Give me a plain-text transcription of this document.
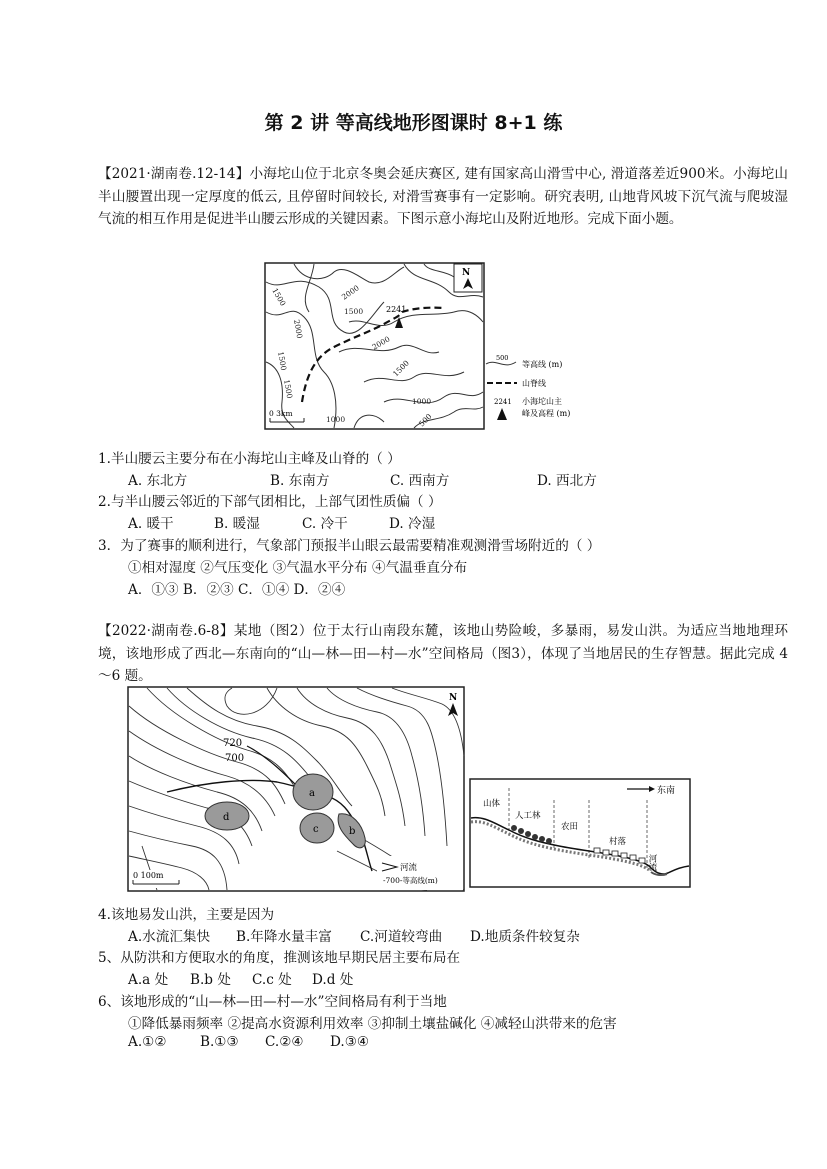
第 2 讲 等高线地形图课时 8+1 练
【2021·湖南卷.12-14】小海坨山位于北京冬奥会延庆赛区, 建有国家高山滑雪中心, 滑道落差近900米。小海坨山半山腰置出现一定厚度的低云, 且停留时间较长, 对滑雪赛事有一定影响。研究表明, 山地背风坡下沉气流与爬坡湿气流的相互作用是促进半山腰云形成的关键因素。下图示意小海坨山及附近地形。完成下面小题。
2241
1500	2000
1500
2000
1500
2000
1500
1500
1000
1000	500
N
0 3km
500
等高线 (m)
山脊线
2241 小海坨山主
峰及高程 (m)
1.半山腰云主要分布在小海坨山主峰及山脊的（ ）
A. 东北方	B. 东南方	C. 西南方	D. 西北方
2.与半山腰云邻近的下部气团相比，上部气团性质偏（ ）
A. 暖干	B. 暖湿	C. 冷干	D. 冷湿
3．为了赛事的顺利进行，气象部门预报半山眼云最需要精准观测滑雪场附近的（ ）
①相对湿度 ②气压变化 ③气温水平分布 ④气温垂直分布
A．①③ B．②③ C．①④ D．②④
【2022·湖南卷.6-8】某地（图2）位于太行山南段东麓，该地山势险峻，多暴雨，易发山洪。为适应当地地理环境，该地形成了西北—东南向的“山—林—田—村—水”空间格局（图3），体现了当地居民的生存智慧。据此完成 4～6 题。
a
b
c
d
720
700
N
0 100m
河流
-700-等高线(m)
东南
山体
人工林
农田
村落
河流
4.该地易发山洪，主要是因为
A.水流汇集快 B.年降水量丰富 C.河道较弯曲 D.地质条件较复杂
5、从防洪和方便取水的角度，推测该地早期民居主要布局在
A.a 处 B.b 处 C.c 处 D.d 处
6、该地形成的“山—林—田—村—水”空间格局有利于当地
①降低暴雨频率 ②提高水资源利用效率 ③抑制土壤盐碱化 ④减轻山洪带来的危害
A.①② B.①③ C.②④ D.③④
